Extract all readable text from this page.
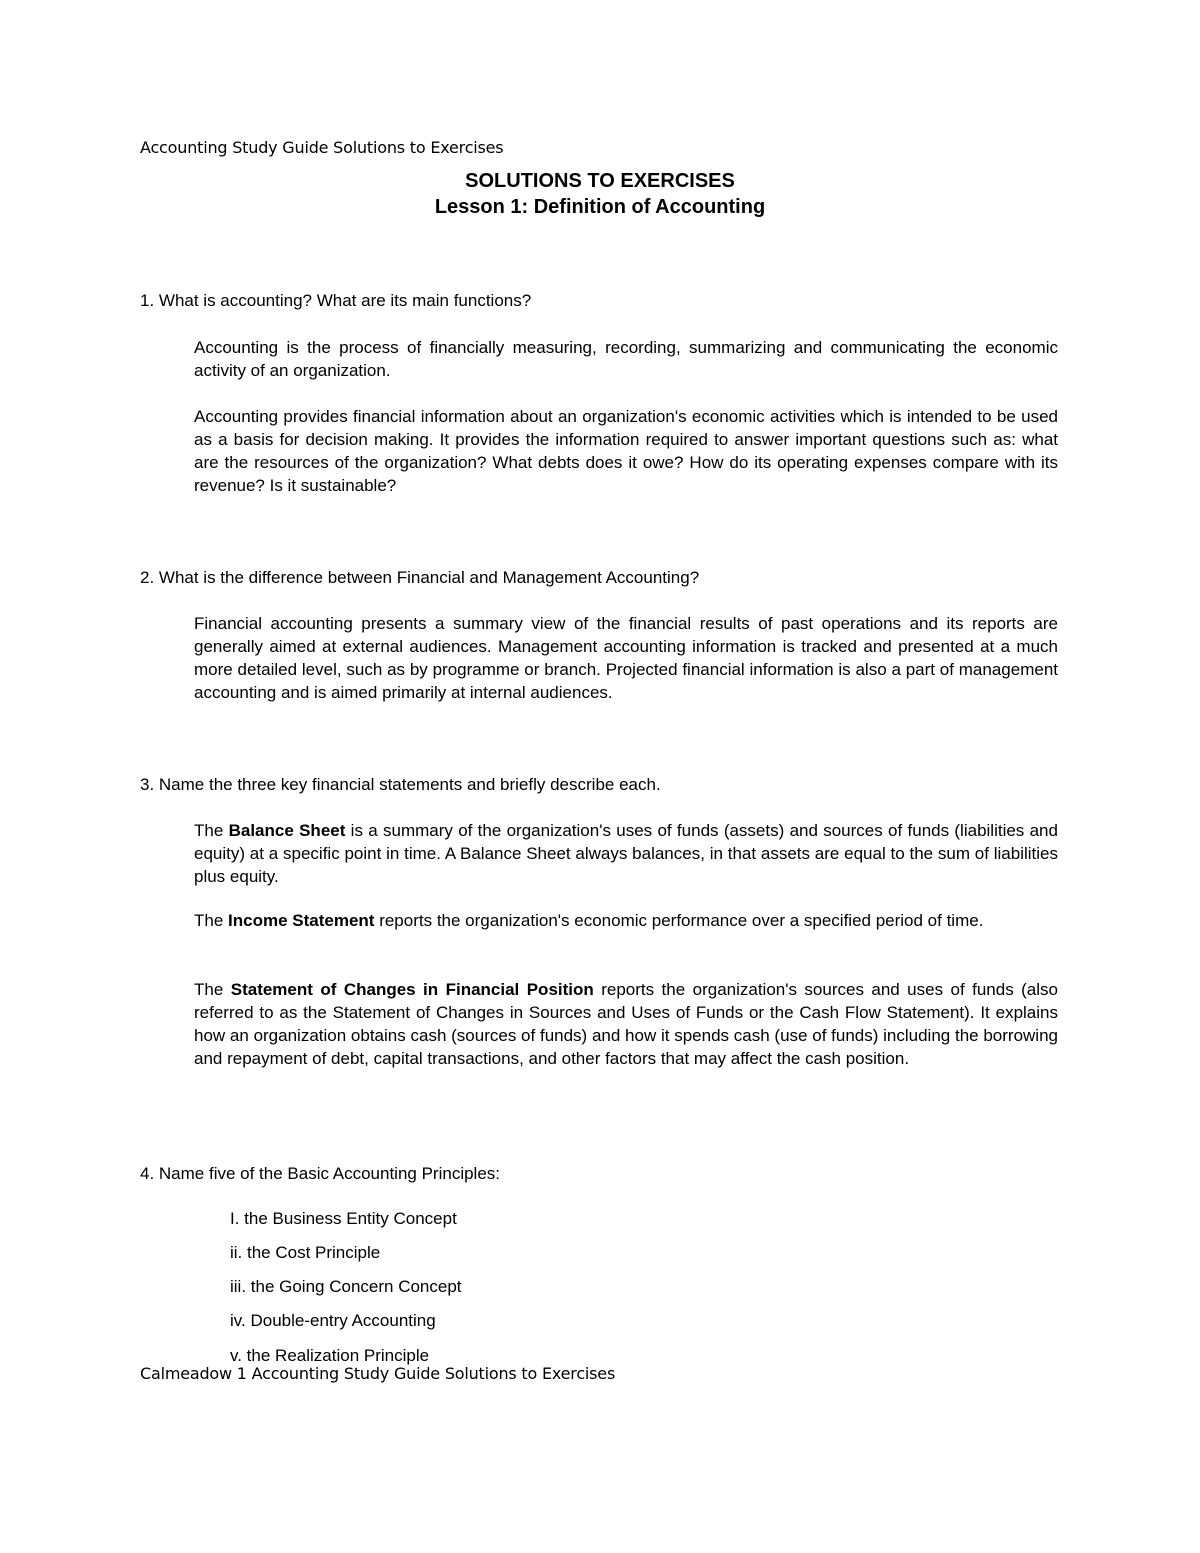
Accounting Study Guide Solutions to Exercises
SOLUTIONS TO EXERCISES
Lesson 1: Definition of Accounting
1. What is accounting? What are its main functions?

Accounting is the process of financially measuring, recording, summarizing and communicating the economic activity of an organization.

Accounting provides financial information about an organization's economic activities which is intended to be used as a basis for decision making. It provides the information required to answer important questions such as: what are the resources of the organization? What debts does it owe? How do its operating expenses compare with its revenue? Is it sustainable?

2. What is the difference between Financial and Management Accounting?

Financial accounting presents a summary view of the financial results of past operations and its reports are generally aimed at external audiences. Management accounting information is tracked and presented at a much more detailed level, such as by programme or branch. Projected financial information is also a part of management accounting and is aimed primarily at internal audiences.

3. Name the three key financial statements and briefly describe each.

The Balance Sheet is a summary of the organization's uses of funds (assets) and sources of funds (liabilities and equity) at a specific point in time. A Balance Sheet always balances, in that assets are equal to the sum of liabilities plus equity.

The Income Statement reports the organization's economic performance over a specified period of time.

The Statement of Changes in Financial Position reports the organization's sources and uses of funds (also referred to as the Statement of Changes in Sources and Uses of Funds or the Cash Flow Statement). It explains how an organization obtains cash (sources of funds) and how it spends cash (use of funds) including the borrowing and repayment of debt, capital transactions, and other factors that may affect the cash position.

4. Name five of the Basic Accounting Principles:
I. the Business Entity Concept
ii. the Cost Principle
iii. the Going Concern Concept
iv. Double-entry Accounting
v. the Realization Principle
Calmeadow 1 Accounting Study Guide Solutions to Exercises
